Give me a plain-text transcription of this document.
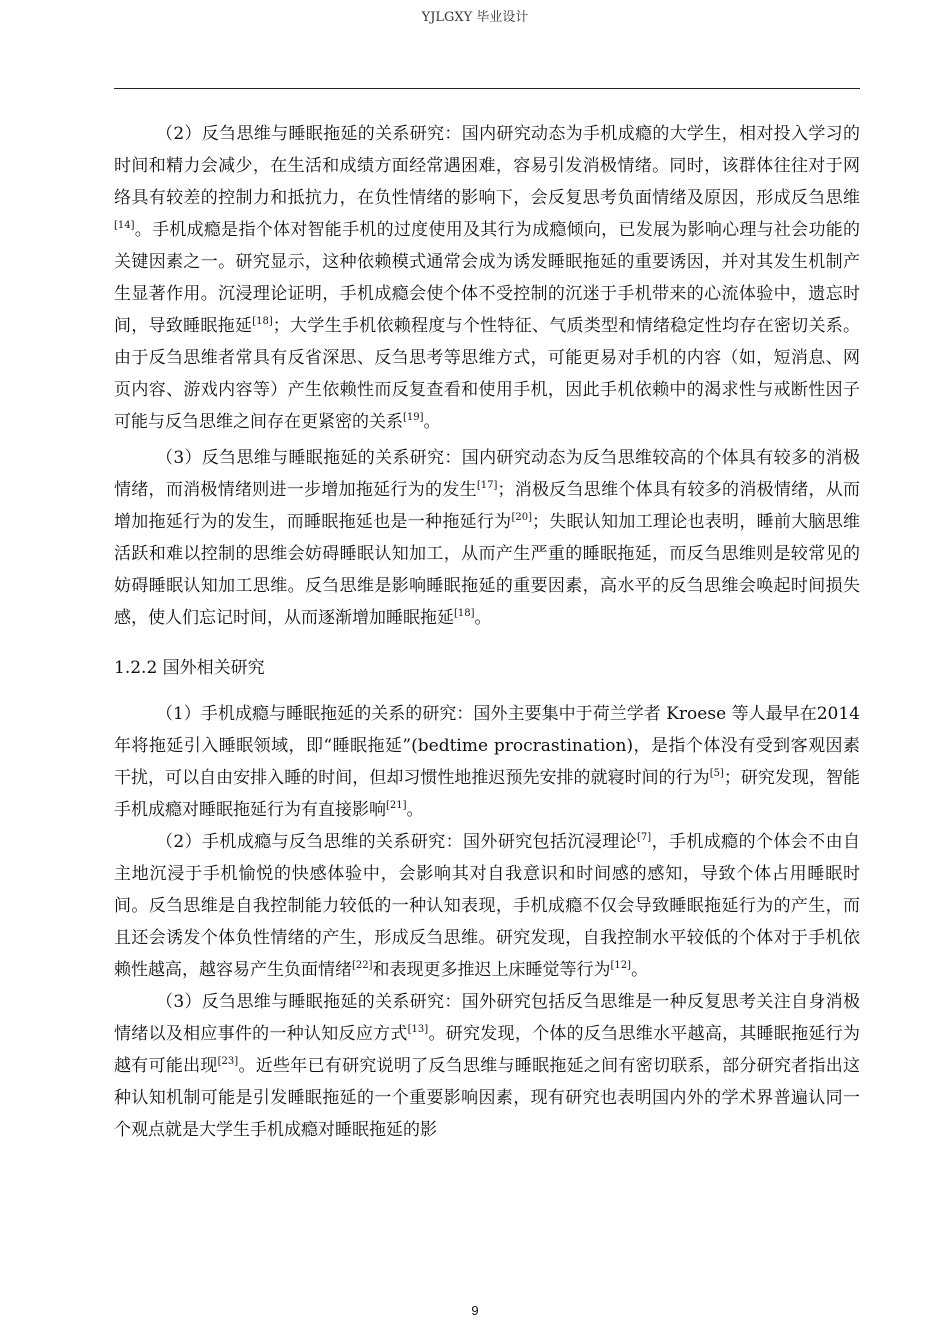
YJLGXY 毕业设计

（2）反刍思维与睡眠拖延的关系研究：国内研究动态为手机成瘾的大学生，相对投入学习的时间和精力会减少，在生活和成绩方面经常遇困难，容易引发消极情绪。同时，该群体往往对于网络具有较差的控制力和抵抗力，在负性情绪的影响下，会反复思考负面情绪及原因，形成反刍思维[14]。手机成瘾是指个体对智能手机的过度使用及其行为成瘾倾向，已发展为影响心理与社会功能的关键因素之一。研究显示，这种依赖模式通常会成为诱发睡眠拖延的重要诱因，并对其发生机制产生显著作用。沉浸理论证明，手机成瘾会使个体不受控制的沉迷于手机带来的心流体验中，遗忘时间，导致睡眠拖延[18]；大学生手机依赖程度与个性特征、气质类型和情绪稳定性均存在密切关系。由于反刍思维者常具有反省深思、反刍思考等思维方式，可能更易对手机的内容（如，短消息、网页内容、游戏内容等）产生依赖性而反复查看和使用手机，因此手机依赖中的渴求性与戒断性因子可能与反刍思维之间存在更紧密的关系[19]。

（3）反刍思维与睡眠拖延的关系研究：国内研究动态为反刍思维较高的个体具有较多的消极情绪，而消极情绪则进一步增加拖延行为的发生[17]；消极反刍思维个体具有较多的消极情绪，从而增加拖延行为的发生，而睡眠拖延也是一种拖延行为[20]；失眠认知加工理论也表明，睡前大脑思维活跃和难以控制的思维会妨碍睡眠认知加工，从而产生严重的睡眠拖延，而反刍思维则是较常见的妨碍睡眠认知加工思维。反刍思维是影响睡眠拖延的重要因素，高水平的反刍思维会唤起时间损失感，使人们忘记时间，从而逐渐增加睡眠拖延[18]。

1.2.2 国外相关研究

（1）手机成瘾与睡眠拖延的关系的研究：国外主要集中于荷兰学者 Kroese 等人最早在2014年将拖延引入睡眠领域，即“睡眠拖延”(bedtime procrastination)，是指个体没有受到客观因素干扰，可以自由安排入睡的时间，但却习惯性地推迟预先安排的就寝时间的行为[5]；研究发现，智能手机成瘾对睡眠拖延行为有直接影响[21]。

（2）手机成瘾与反刍思维的关系研究：国外研究包括沉浸理论[7]，手机成瘾的个体会不由自主地沉浸于手机愉悦的快感体验中，会影响其对自我意识和时间感的感知，导致个体占用睡眠时间。反刍思维是自我控制能力较低的一种认知表现，手机成瘾不仅会导致睡眠拖延行为的产生，而且还会诱发个体负性情绪的产生，形成反刍思维。研究发现，自我控制水平较低的个体对于手机依赖性越高，越容易产生负面情绪[22]和表现更多推迟上床睡觉等行为[12]。

（3）反刍思维与睡眠拖延的关系研究：国外研究包括反刍思维是一种反复思考关注自身消极情绪以及相应事件的一种认知反应方式[13]。研究发现，个体的反刍思维水平越高，其睡眠拖延行为越有可能出现[23]。近些年已有研究说明了反刍思维与睡眠拖延之间有密切联系，部分研究者指出这种认知机制可能是引发睡眠拖延的一个重要影响因素，现有研究也表明国内外的学术界普遍认同一个观点就是大学生手机成瘾对睡眠拖延的影

9
